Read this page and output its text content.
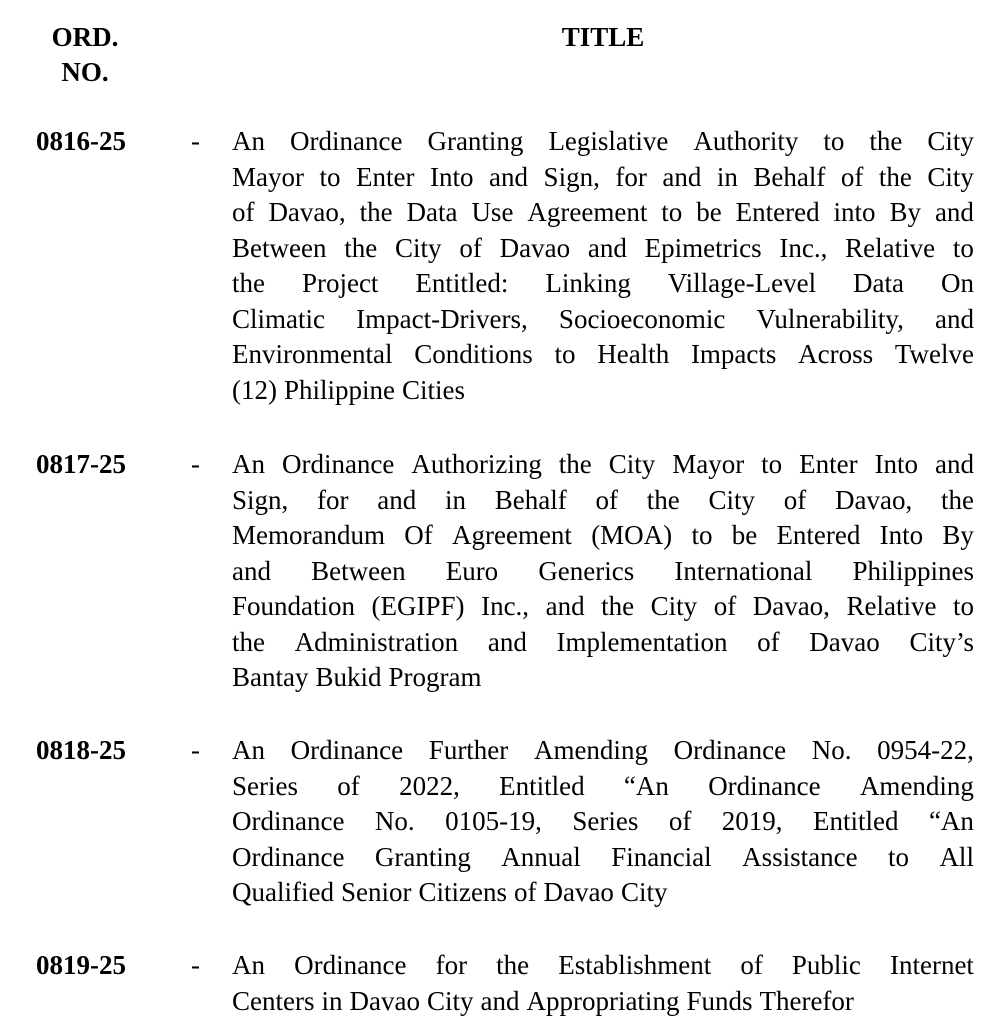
ORD.
NO.
TITLE
0816-25 - An Ordinance Granting Legislative Authority to the City
Mayor to Enter Into and Sign, for and in Behalf of the City
of Davao, the Data Use Agreement to be Entered into By and
Between the City of Davao and Epimetrics Inc., Relative to
the Project Entitled: Linking Village-Level Data On
Climatic Impact-Drivers, Socioeconomic Vulnerability, and
Environmental Conditions to Health Impacts Across Twelve
(12) Philippine Cities
0817-25 - An Ordinance Authorizing the City Mayor to Enter Into and
Sign, for and in Behalf of the City of Davao, the
Memorandum Of Agreement (MOA) to be Entered Into By
and Between Euro Generics International Philippines
Foundation (EGIPF) Inc., and the City of Davao, Relative to
the Administration and Implementation of Davao City’s
Bantay Bukid Program
0818-25 - An Ordinance Further Amending Ordinance No. 0954-22,
Series of 2022, Entitled “An Ordinance Amending
Ordinance No. 0105-19, Series of 2019, Entitled “An
Ordinance Granting Annual Financial Assistance to All
Qualified Senior Citizens of Davao City
0819-25 - An Ordinance for the Establishment of Public Internet
Centers in Davao City and Appropriating Funds Therefor
